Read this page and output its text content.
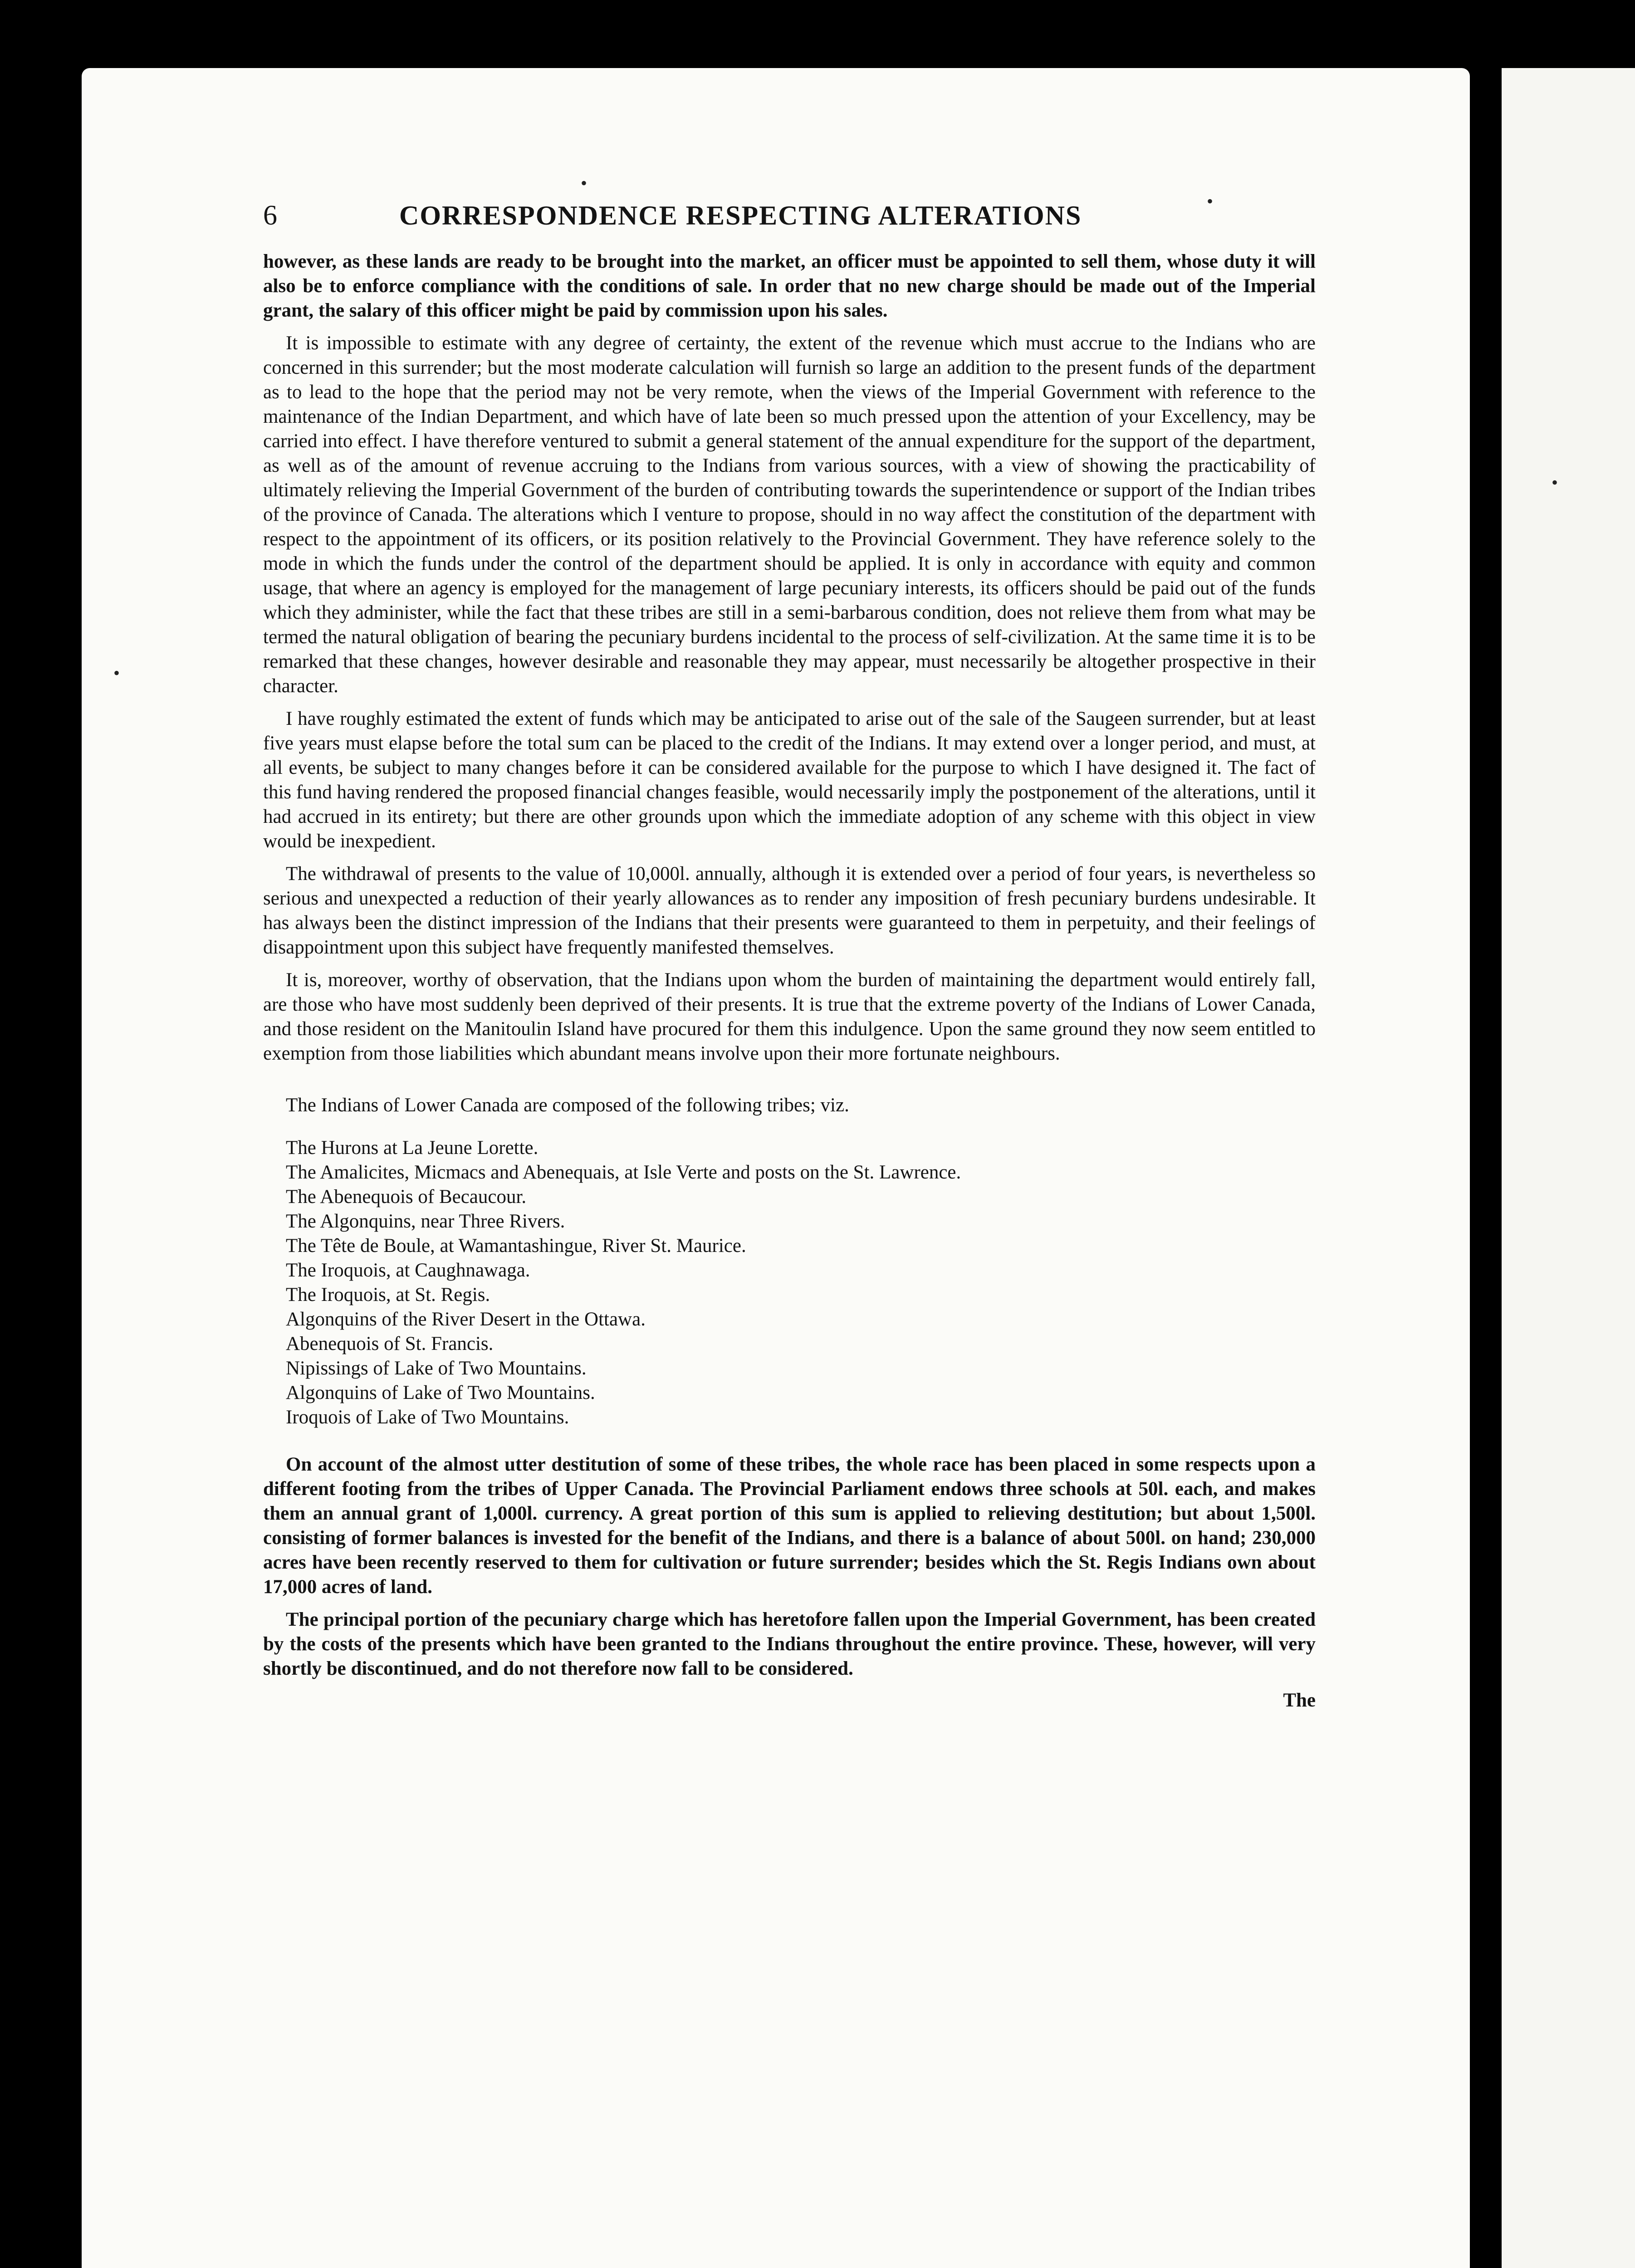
•
•
•
•
6	CORRESPONDENCE RESPECTING ALTERATIONS

however, as these lands are ready to be brought into the market, an officer must be appointed to sell them, whose duty it will also be to enforce compliance with the conditions of sale. In order that no new charge should be made out of the Imperial grant, the salary of this officer might be paid by commission upon his sales.

It is impossible to estimate with any degree of certainty, the extent of the revenue which must accrue to the Indians who are concerned in this surrender; but the most moderate calculation will furnish so large an addition to the present funds of the department as to lead to the hope that the period may not be very remote, when the views of the Imperial Government with reference to the maintenance of the Indian Department, and which have of late been so much pressed upon the attention of your Excellency, may be carried into effect. I have therefore ventured to submit a general statement of the annual expenditure for the support of the department, as well as of the amount of revenue accruing to the Indians from various sources, with a view of showing the practicability of ultimately relieving the Imperial Government of the burden of contributing towards the superintendence or support of the Indian tribes of the province of Canada. The alterations which I venture to propose, should in no way affect the constitution of the department with respect to the appointment of its officers, or its position relatively to the Provincial Government. They have reference solely to the mode in which the funds under the control of the department should be applied. It is only in accordance with equity and common usage, that where an agency is employed for the management of large pecuniary interests, its officers should be paid out of the funds which they administer, while the fact that these tribes are still in a semi-barbarous condition, does not relieve them from what may be termed the natural obligation of bearing the pecuniary burdens incidental to the process of self-civilization. At the same time it is to be remarked that these changes, however desirable and reasonable they may appear, must necessarily be altogether prospective in their character.

I have roughly estimated the extent of funds which may be anticipated to arise out of the sale of the Saugeen surrender, but at least five years must elapse before the total sum can be placed to the credit of the Indians. It may extend over a longer period, and must, at all events, be subject to many changes before it can be considered available for the purpose to which I have designed it. The fact of this fund having rendered the proposed financial changes feasible, would necessarily imply the postponement of the alterations, until it had accrued in its entirety; but there are other grounds upon which the immediate adoption of any scheme with this object in view would be inexpedient.

The withdrawal of presents to the value of 10,000l. annually, although it is extended over a period of four years, is nevertheless so serious and unexpected a reduction of their yearly allowances as to render any imposition of fresh pecuniary burdens undesirable. It has always been the distinct impression of the Indians that their presents were guaranteed to them in perpetuity, and their feelings of disappointment upon this subject have frequently manifested themselves.

It is, moreover, worthy of observation, that the Indians upon whom the burden of maintaining the department would entirely fall, are those who have most suddenly been deprived of their presents. It is true that the extreme poverty of the Indians of Lower Canada, and those resident on the Manitoulin Island have procured for them this indulgence. Upon the same ground they now seem entitled to exemption from those liabilities which abundant means involve upon their more fortunate neighbours.

The Indians of Lower Canada are composed of the following tribes; viz.

The Hurons at La Jeune Lorette.
The Amalicites, Micmacs and Abenequais, at Isle Verte and posts on the St. Lawrence.
The Abenequois of Becaucour.
The Algonquins, near Three Rivers.
The Tête de Boule, at Wamantashingue, River St. Maurice.
The Iroquois, at Caughnawaga.
The Iroquois, at St. Regis.
Algonquins of the River Desert in the Ottawa.
Abenequois of St. Francis.
Nipissings of Lake of Two Mountains.
Algonquins of Lake of Two Mountains.
Iroquois of Lake of Two Mountains.

On account of the almost utter destitution of some of these tribes, the whole race has been placed in some respects upon a different footing from the tribes of Upper Canada. The Provincial Parliament endows three schools at 50l. each, and makes them an annual grant of 1,000l. currency. A great portion of this sum is applied to relieving destitution; but about 1,500l. consisting of former balances is invested for the benefit of the Indians, and there is a balance of about 500l. on hand; 230,000 acres have been recently reserved to them for cultivation or future surrender; besides which the St. Regis Indians own about 17,000 acres of land.

The principal portion of the pecuniary charge which has heretofore fallen upon the Imperial Government, has been created by the costs of the presents which have been granted to the Indians throughout the entire province. These, however, will very shortly be discontinued, and do not therefore now fall to be considered.

The
